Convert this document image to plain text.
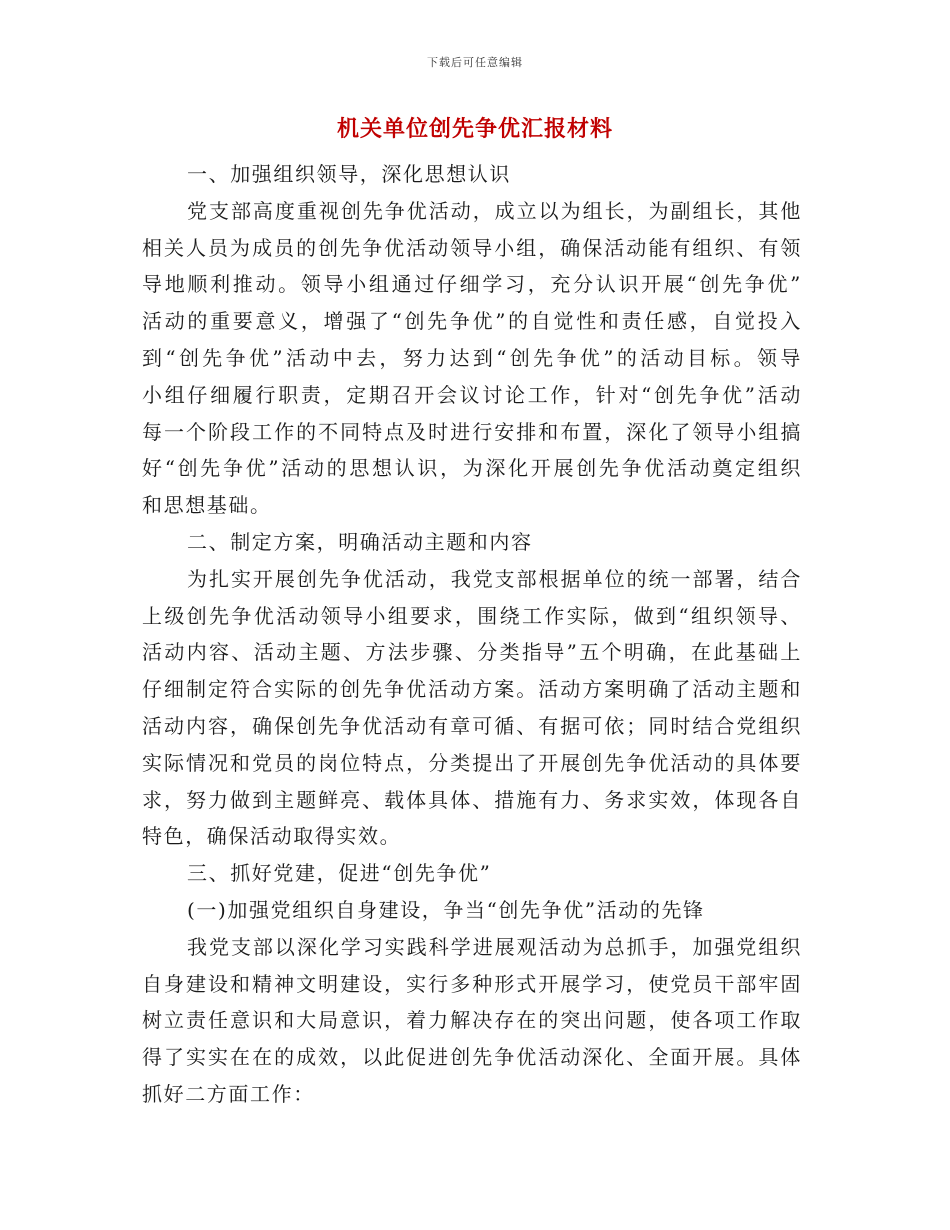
下载后可任意编辑
机关单位创先争优汇报材料
一、加强组织领导，深化思想认识
党支部高度重视创先争优活动，成立以为组长，为副组长，其他
相关人员为成员的创先争优活动领导小组，确保活动能有组织、有领
导地顺利推动。领导小组通过仔细学习，充分认识开展“创先争优”
活动的重要意义，增强了“创先争优”的自觉性和责任感，自觉投入
到“创先争优”活动中去，努力达到“创先争优”的活动目标。领导
小组仔细履行职责，定期召开会议讨论工作，针对“创先争优”活动
每一个阶段工作的不同特点及时进行安排和布置，深化了领导小组搞
好“创先争优”活动的思想认识，为深化开展创先争优活动奠定组织
和思想基础。
二、制定方案，明确活动主题和内容
为扎实开展创先争优活动，我党支部根据单位的统一部署，结合
上级创先争优活动领导小组要求，围绕工作实际，做到“组织领导、
活动内容、活动主题、方法步骤、分类指导”五个明确，在此基础上
仔细制定符合实际的创先争优活动方案。活动方案明确了活动主题和
活动内容，确保创先争优活动有章可循、有据可依；同时结合党组织
实际情况和党员的岗位特点，分类提出了开展创先争优活动的具体要
求，努力做到主题鲜亮、载体具体、措施有力、务求实效，体现各自
特色，确保活动取得实效。
三、抓好党建，促进“创先争优”
(一)加强党组织自身建设，争当“创先争优”活动的先锋
我党支部以深化学习实践科学进展观活动为总抓手，加强党组织
自身建设和精神文明建设，实行多种形式开展学习，使党员干部牢固
树立责任意识和大局意识，着力解决存在的突出问题，使各项工作取
得了实实在在的成效，以此促进创先争优活动深化、全面开展。具体
抓好二方面工作：
